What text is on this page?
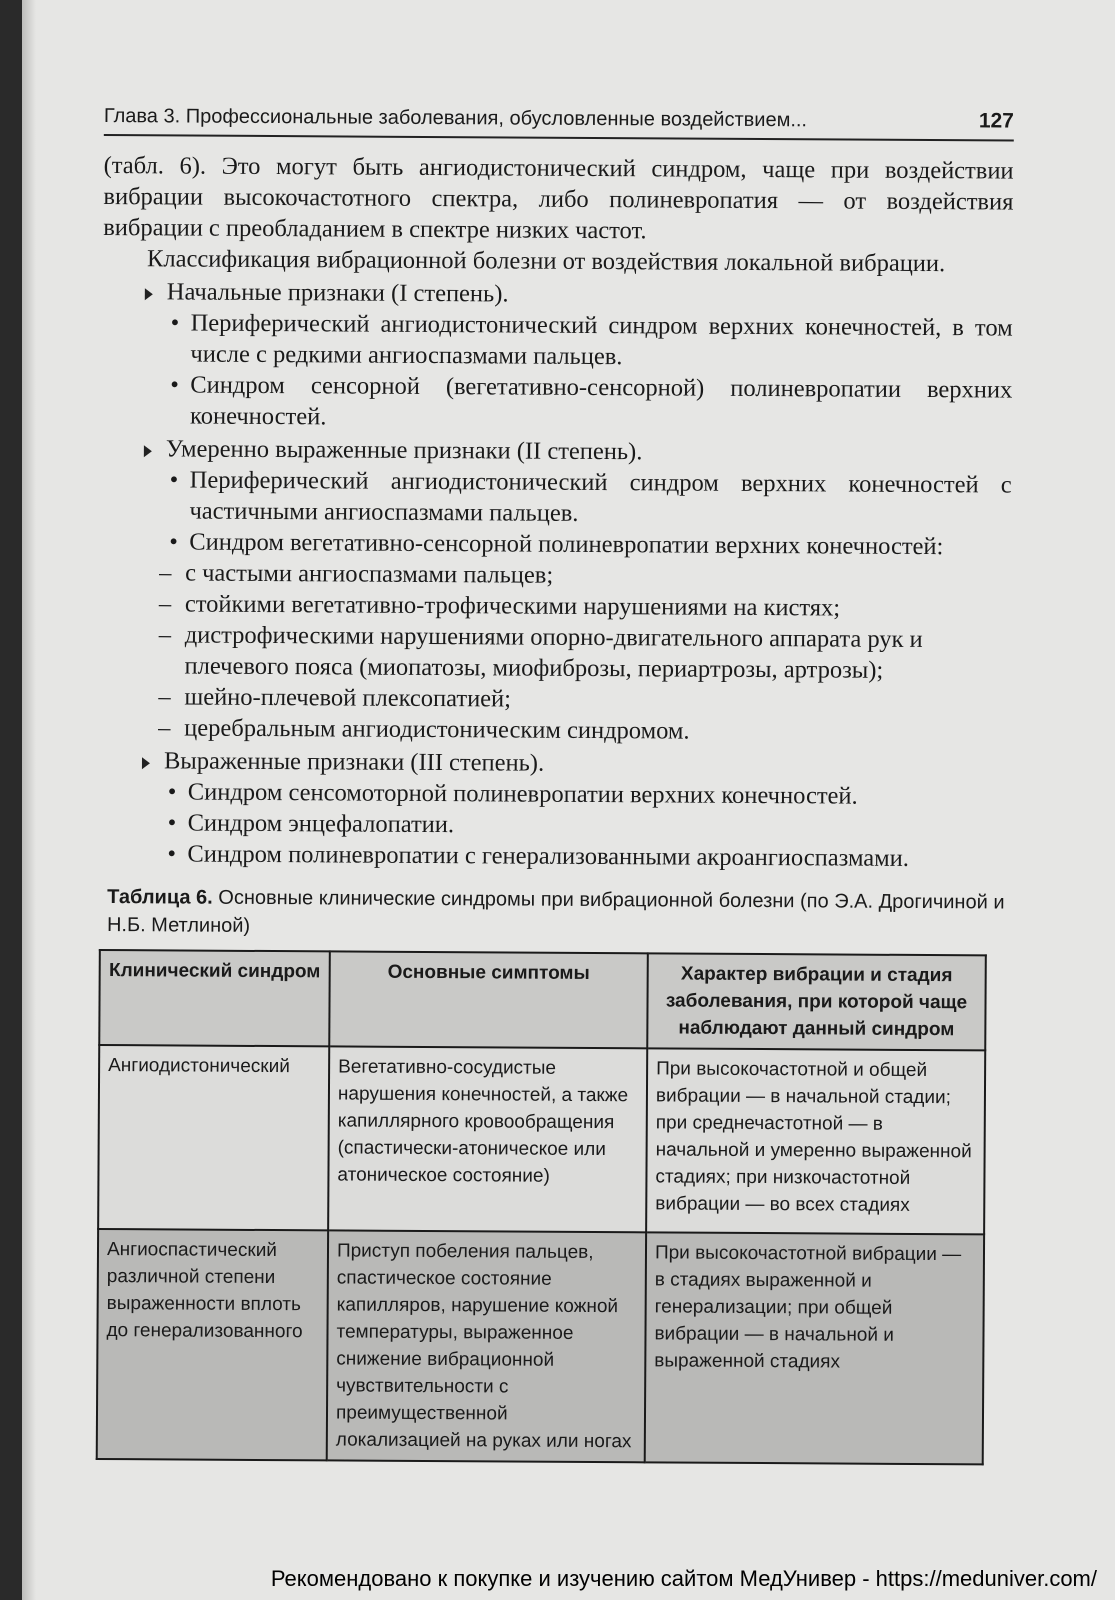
Глава 3. Профессиональные заболевания, обусловленные воздействием...	127

(табл. 6). Это могут быть ангиодистонический синдром, чаще при воздействии вибрации высокочастотного спектра, либо полиневропатия — от воздействия вибрации с преобладанием в спектре низких частот.

Классификация вибрационной болезни от воздействия локальной вибрации.

Начальные признаки (I степень).
• Периферический ангиодистонический синдром верхних конечностей, в том числе с редкими ангиоспазмами пальцев.
• Синдром сенсорной (вегетативно-сенсорной) полиневропатии верхних конечностей.
Умеренно выраженные признаки (II степень).
• Периферический ангиодистонический синдром верхних конечностей с частичными ангиоспазмами пальцев.
• Синдром вегетативно-сенсорной полиневропатии верхних конечностей:
– с частыми ангиоспазмами пальцев;
– стойкими вегетативно-трофическими нарушениями на кистях;
– дистрофическими нарушениями опорно-двигательного аппарата рук и плечевого пояса (миопатозы, миофиброзы, периартрозы, артрозы);
– шейно-плечевой плексопатией;
– церебральным ангиодистоническим синдромом.
Выраженные признаки (III степень).
• Синдром сенсомоторной полиневропатии верхних конечностей.
• Синдром энцефалопатии.
• Синдром полиневропатии с генерализованными акроангиоспазмами.
Таблица 6. Основные клинические синдромы при вибрационной болезни (по Э.А. Дрогичиной и Н.Б. Метлиной)
Клинический синдром	Основные симптомы	Характер вибрации и стадия заболевания, при которой чаще наблюдают данный синдром
Ангиодистонический	Вегетативно-сосудистые нарушения конечностей, а также капиллярного кровообращения (спастически-атоническое или атоническое состояние)	При высокочастотной и общей вибрации — в начальной стадии; при среднечастотной — в начальной и умеренно выраженной стадиях; при низкочастотной вибрации — во всех стадиях
Ангиоспастический различной степени выраженности вплоть до генерализованного	Приступ побеления пальцев, спастическое состояние капилляров, нарушение кожной температуры, выраженное снижение вибрационной чувствительности с преимущественной локализацией на руках или ногах	При высокочастотной вибрации — в стадиях выраженной и генерализации; при общей вибрации — в начальной и выраженной стадиях
Рекомендовано к покупке и изучению сайтом МедУнивер - https://meduniver.com/
